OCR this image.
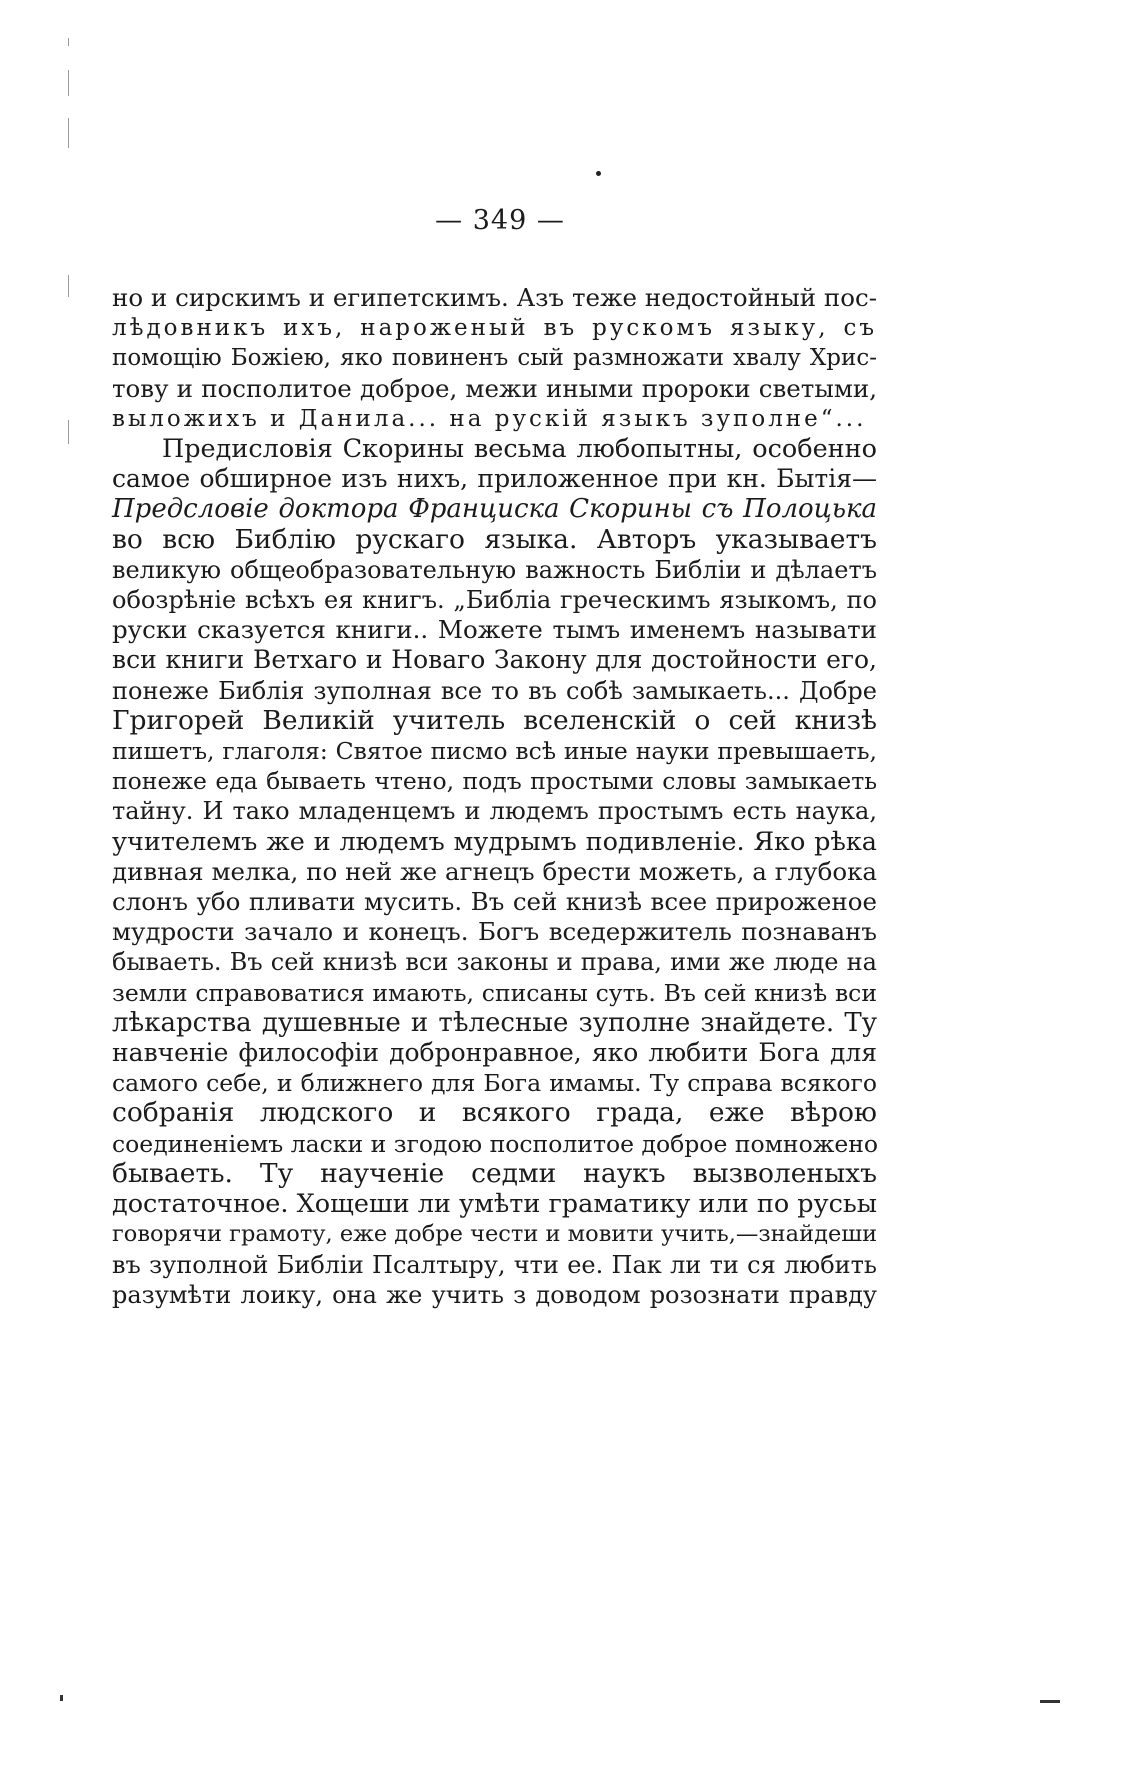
— 349 —
но и сирскимъ и египетскимъ. Азъ теже недостойный пос-
лѣдовникъ ихъ, нароженый въ рускомъ языку, съ
помощію Божіею, яко повиненъ сый размножати хвалу Хрис-
тову и посполитое доброе, межи иными пророки светыми,
выложихъ и Данила... на рускій языкъ зуполне“...
Предисловія Скорины весьма любопытны, особенно
самое обширное изъ нихъ, приложенное при кн. Бытія—
Предсловіе доктора Франциска Скорины съ Полоцька
во всю Библію рускаго языка. Авторъ указываетъ
великую общеобразовательную важность Библіи и дѣлаетъ
обозрѣніе всѣхъ ея книгъ. „Библіа греческимъ языкомъ, по
руски сказуется книги.. Можете тымъ именемъ называти
вси книги Ветхаго и Новаго Закону для достойности его,
понеже Библія зуполная все то въ собѣ замыкаеть... Добре
Григорей Великій учитель вселенскій о сей книзѣ
пишетъ, глаголя: Святое писмо всѣ иные науки превышаеть,
понеже еда бываеть чтено, подъ простыми словы замыкаеть
тайну. И тако младенцемъ и людемъ простымъ есть наука,
учителемъ же и людемъ мудрымъ подивленіе. Яко рѣка
дивная мелка, по ней же агнецъ брести можеть, а глубока
слонъ убо пливати мусить. Въ сей книзѣ всее прироженое
мудрости зачало и конецъ. Богъ вседержитель познаванъ
бываеть. Въ сей книзѣ вси законы и права, ими же люде на
земли справоватися имають, списаны суть. Въ сей книзѣ вси
лѣкарства душевные и тѣлесные зуполне знайдете. Ту
навченіе философіи добронравное, яко любити Бога для
самого себе, и ближнего для Бога имамы. Ту справа всякого
собранія людского и всякого града, еже вѣрою
соединеніемъ ласки и згодою посполитое доброе помножено
бываеть. Ту наученіе седми наукъ вызволеныхъ
достаточное. Хощеши ли умѣти граматику или по русьы
говорячи грамоту, еже добре чести и мовити учить,—знайдеши
въ зуполной Библіи Псалтыру, чти ее. Пак ли ти ся любить
разумѣти лоику, она же учить з доводом розознати правду
